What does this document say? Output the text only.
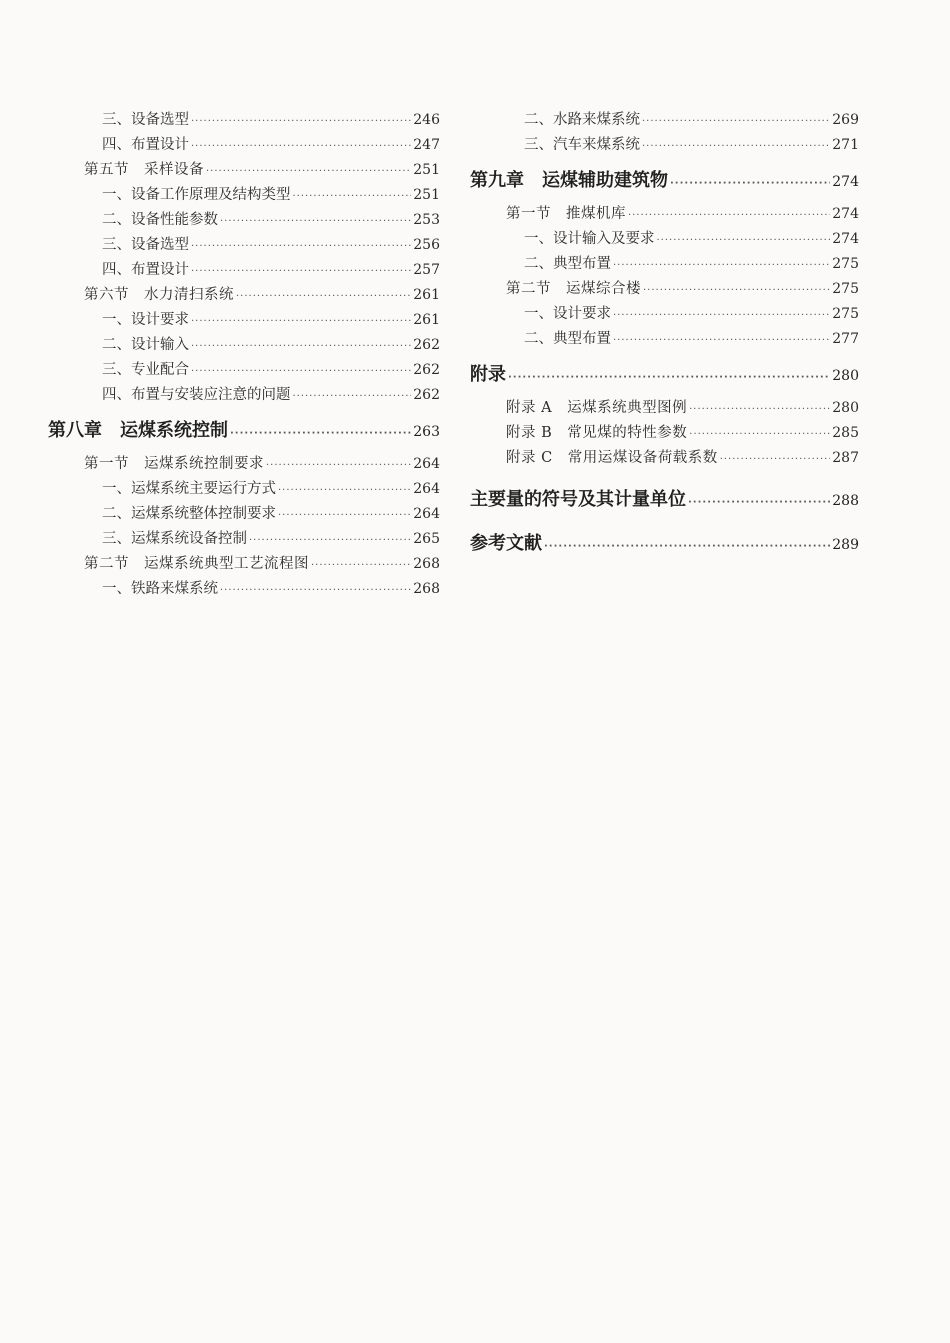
三、设备选型 ·····	246
四、布置设计 ·····	247
第五节　采样设备 ·····	251
一、设备工作原理及结构类型 ·····	251
二、设备性能参数 ·····	253
三、设备选型 ·····	256
四、布置设计 ·····	257
第六节　水力清扫系统 ·····	261
一、设计要求 ·····	261
二、设计输入 ·····	262
三、专业配合 ·····	262
四、布置与安装应注意的问题 ·····	262
第八章　运煤系统控制 ·····	263
第一节　运煤系统控制要求 ·····	264
一、运煤系统主要运行方式 ·····	264
二、运煤系统整体控制要求 ·····	264
三、运煤系统设备控制 ·····	265
第二节　运煤系统典型工艺流程图 ·····	268
一、铁路来煤系统 ·····	268
二、水路来煤系统 ·····	269
三、汽车来煤系统 ·····	271
第九章　运煤辅助建筑物 ·····	274
第一节　推煤机库 ·····	274
一、设计输入及要求 ·····	274
二、典型布置 ·····	275
第二节　运煤综合楼 ·····	275
一、设计要求 ·····	275
二、典型布置 ·····	277
附录 ·····	280
附录 A　运煤系统典型图例 ·····	280
附录 B　常见煤的特性参数 ·····	285
附录 C　常用运煤设备荷载系数 ·····	287
主要量的符号及其计量单位 ·····	288
参考文献 ·····	289
